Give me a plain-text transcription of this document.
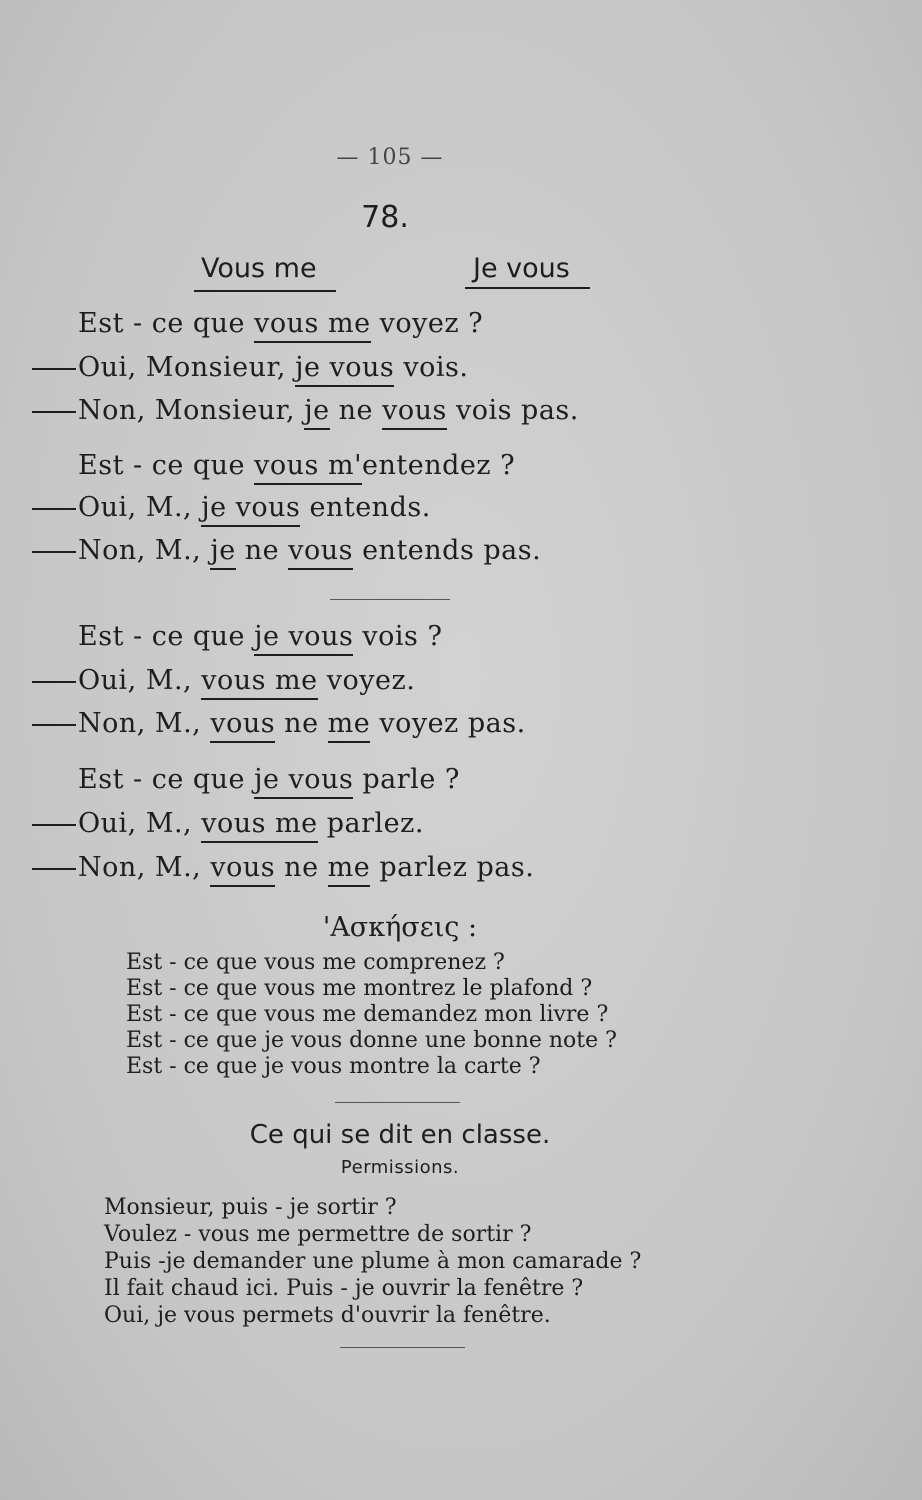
— 105 —
78.
Vous me	Je vous
Est - ce que vous me voyez ?
Oui, Monsieur, je vous vois.
Non, Monsieur, je ne vous vois pas.
Est - ce que vous m'entendez ?
Oui, M., je vous entends.
Non, M., je ne vous entends pas.
Est - ce que je vous vois ?
Oui, M., vous me voyez.
Non, M., vous ne me voyez pas.
Est - ce que je vous parle ?
Oui, M., vous me parlez.
Non, M., vous ne me parlez pas.
'Ασκήσεις :
Est - ce que vous me comprenez ?
Est - ce que vous me montrez le plafond ?
Est - ce que vous me demandez mon livre ?
Est - ce que je vous donne une bonne note ?
Est - ce que je vous montre la carte ?
Ce qui se dit en classe.
Permissions.
Monsieur, puis - je sortir ?
Voulez - vous me permettre de sortir ?
Puis -je demander une plume à mon camarade ?
Il fait chaud ici. Puis - je ouvrir la fenêtre ?
Oui, je vous permets d'ouvrir la fenêtre.
